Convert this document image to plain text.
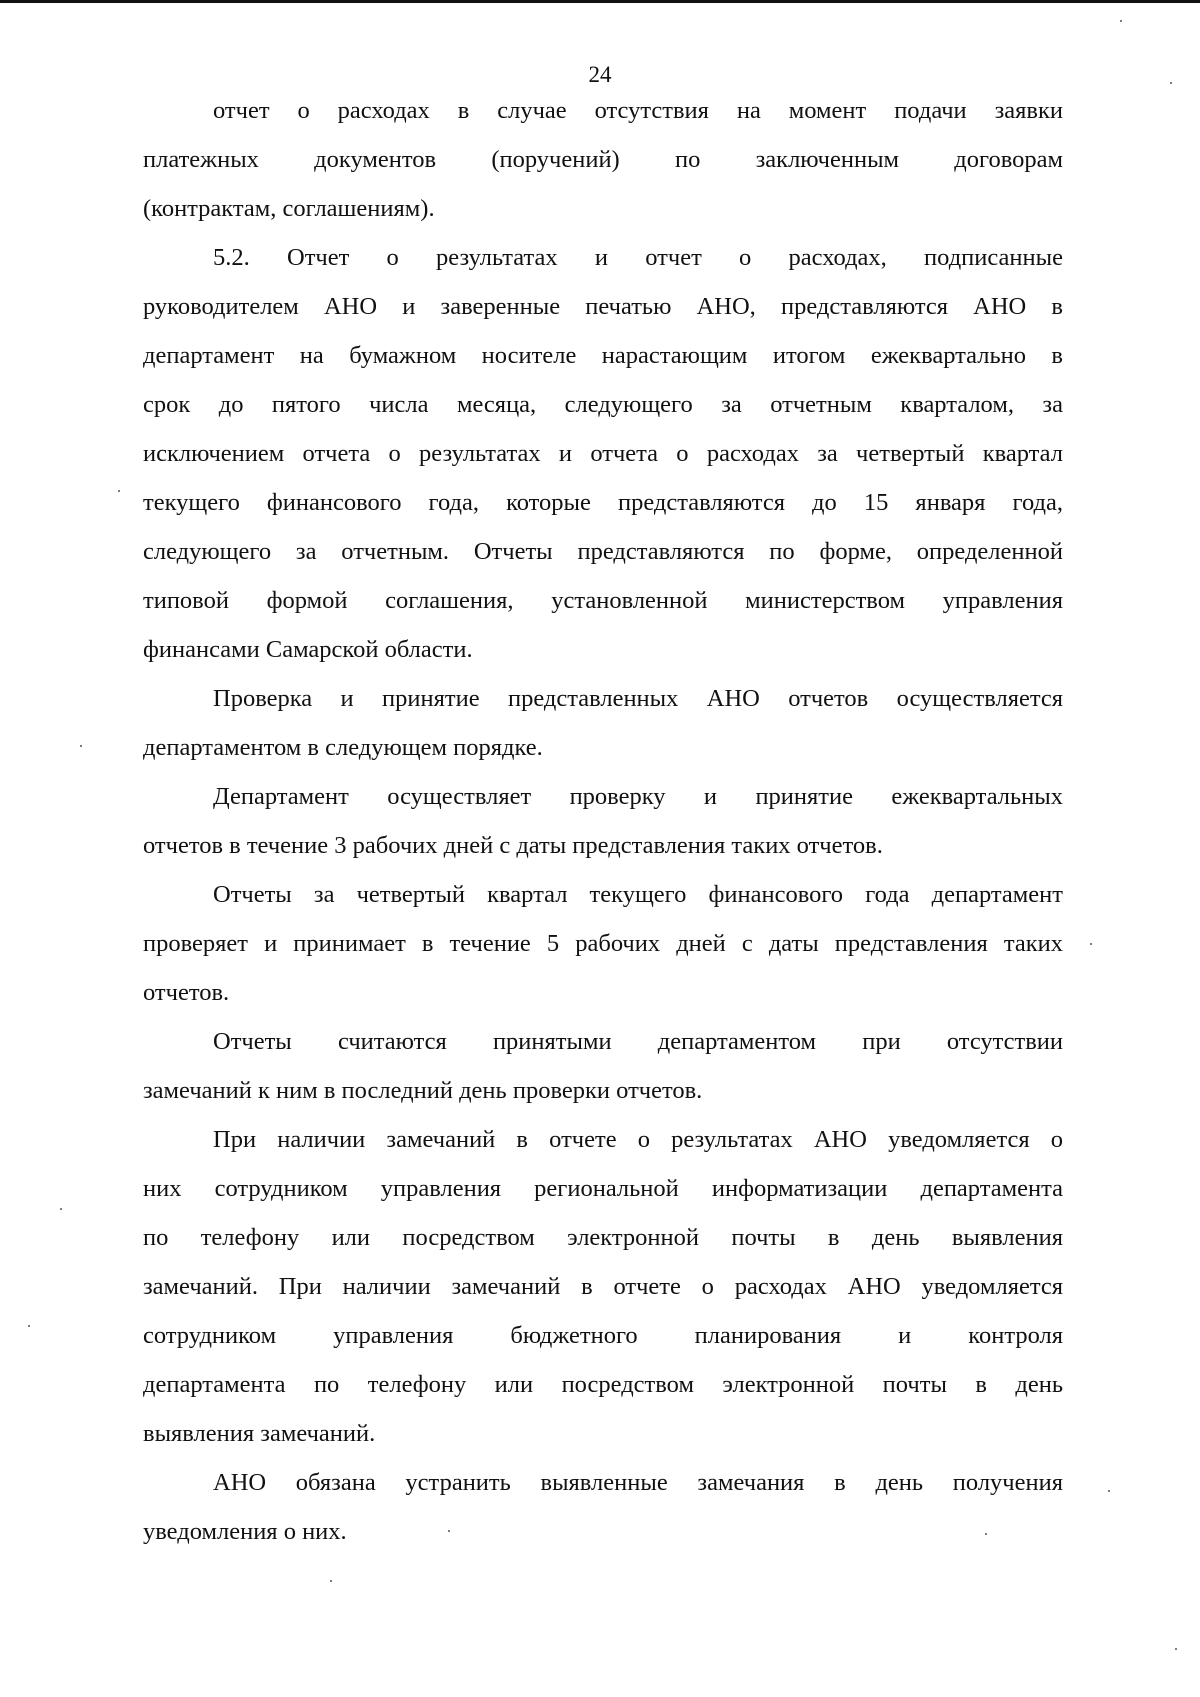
24
отчет о расходах в случае отсутствия на момент подачи заявки
платежных документов (поручений) по заключенным договорам
(контрактам, соглашениям).
5.2. Отчет о результатах и отчет о расходах, подписанные
руководителем АНО и заверенные печатью АНО, представляются АНО в
департамент на бумажном носителе нарастающим итогом ежеквартально в
срок до пятого числа месяца, следующего за отчетным кварталом, за
исключением отчета о результатах и отчета о расходах за четвертый квартал
текущего финансового года, которые представляются до 15 января года,
следующего за отчетным. Отчеты представляются по форме, определенной
типовой формой соглашения, установленной министерством управления
финансами Самарской области.
Проверка и принятие представленных АНО отчетов осуществляется
департаментом в следующем порядке.
Департамент осуществляет проверку и принятие ежеквартальных
отчетов в течение 3 рабочих дней с даты представления таких отчетов.
Отчеты за четвертый квартал текущего финансового года департамент
проверяет и принимает в течение 5 рабочих дней с даты представления таких
отчетов.
Отчеты считаются принятыми департаментом при отсутствии
замечаний к ним в последний день проверки отчетов.
При наличии замечаний в отчете о результатах АНО уведомляется о
них сотрудником управления региональной информатизации департамента
по телефону или посредством электронной почты в день выявления
замечаний. При наличии замечаний в отчете о расходах АНО уведомляется
сотрудником управления бюджетного планирования и контроля
департамента по телефону или посредством электронной почты в день
выявления замечаний.
АНО обязана устранить выявленные замечания в день получения
уведомления о них.
